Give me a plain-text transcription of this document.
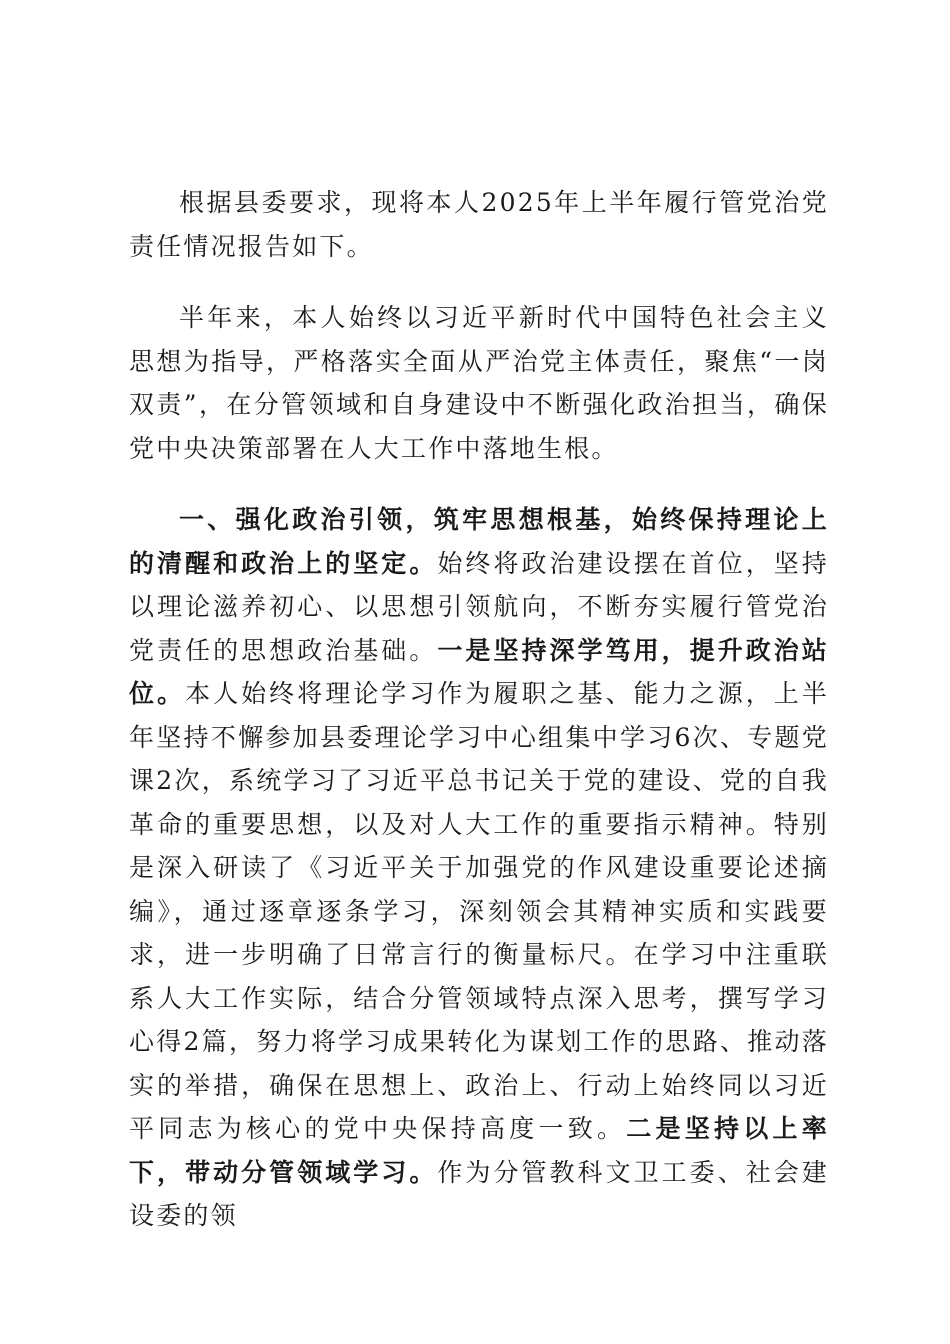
根据县委要求，现将本人2025年上半年履行管党治党责任情况报告如下。

半年来，本人始终以习近平新时代中国特色社会主义思想为指导，严格落实全面从严治党主体责任，聚焦“一岗双责”，在分管领域和自身建设中不断强化政治担当，确保党中央决策部署在人大工作中落地生根。

一、强化政治引领，筑牢思想根基，始终保持理论上的清醒和政治上的坚定。始终将政治建设摆在首位，坚持以理论滋养初心、以思想引领航向，不断夯实履行管党治党责任的思想政治基础。一是坚持深学笃用，提升政治站位。本人始终将理论学习作为履职之基、能力之源，上半年坚持不懈参加县委理论学习中心组集中学习6次、专题党课2次，系统学习了习近平总书记关于党的建设、党的自我革命的重要思想，以及对人大工作的重要指示精神。特别是深入研读了《习近平关于加强党的作风建设重要论述摘编》，通过逐章逐条学习，深刻领会其精神实质和实践要求，进一步明确了日常言行的衡量标尺。在学习中注重联系人大工作实际，结合分管领域特点深入思考，撰写学习心得2篇，努力将学习成果转化为谋划工作的思路、推动落实的举措，确保在思想上、政治上、行动上始终同以习近平同志为核心的党中央保持高度一致。二是坚持以上率下，带动分管领域学习。作为分管教科文卫工委、社会建设委的领
